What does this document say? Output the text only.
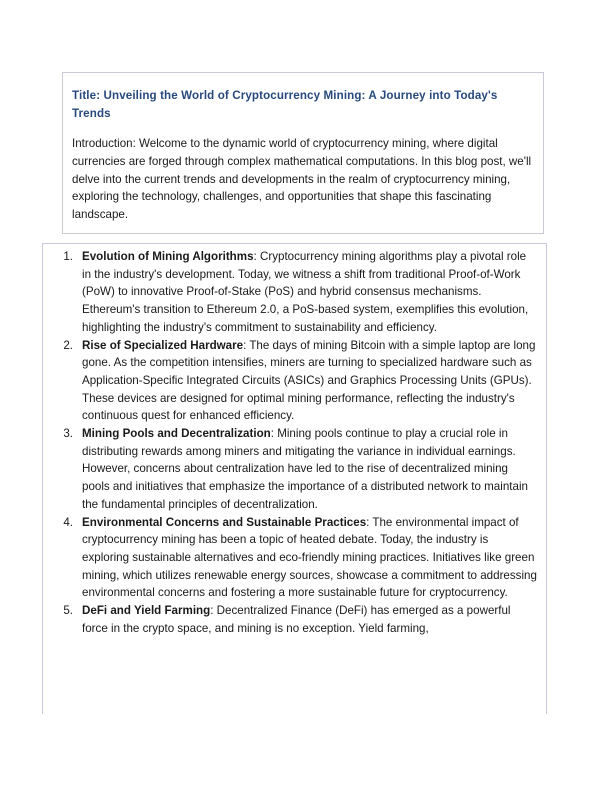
Title: Unveiling the World of Cryptocurrency Mining: A Journey into Today's Trends
Introduction: Welcome to the dynamic world of cryptocurrency mining, where digital currencies are forged through complex mathematical computations. In this blog post, we'll delve into the current trends and developments in the realm of cryptocurrency mining, exploring the technology, challenges, and opportunities that shape this fascinating landscape.
Evolution of Mining Algorithms: Cryptocurrency mining algorithms play a pivotal role in the industry's development. Today, we witness a shift from traditional Proof-of-Work (PoW) to innovative Proof-of-Stake (PoS) and hybrid consensus mechanisms. Ethereum's transition to Ethereum 2.0, a PoS-based system, exemplifies this evolution, highlighting the industry's commitment to sustainability and efficiency.
Rise of Specialized Hardware: The days of mining Bitcoin with a simple laptop are long gone. As the competition intensifies, miners are turning to specialized hardware such as Application-Specific Integrated Circuits (ASICs) and Graphics Processing Units (GPUs). These devices are designed for optimal mining performance, reflecting the industry's continuous quest for enhanced efficiency.
Mining Pools and Decentralization: Mining pools continue to play a crucial role in distributing rewards among miners and mitigating the variance in individual earnings. However, concerns about centralization have led to the rise of decentralized mining pools and initiatives that emphasize the importance of a distributed network to maintain the fundamental principles of decentralization.
Environmental Concerns and Sustainable Practices: The environmental impact of cryptocurrency mining has been a topic of heated debate. Today, the industry is exploring sustainable alternatives and eco-friendly mining practices. Initiatives like green mining, which utilizes renewable energy sources, showcase a commitment to addressing environmental concerns and fostering a more sustainable future for cryptocurrency.
DeFi and Yield Farming: Decentralized Finance (DeFi) has emerged as a powerful force in the crypto space, and mining is no exception. Yield farming,
